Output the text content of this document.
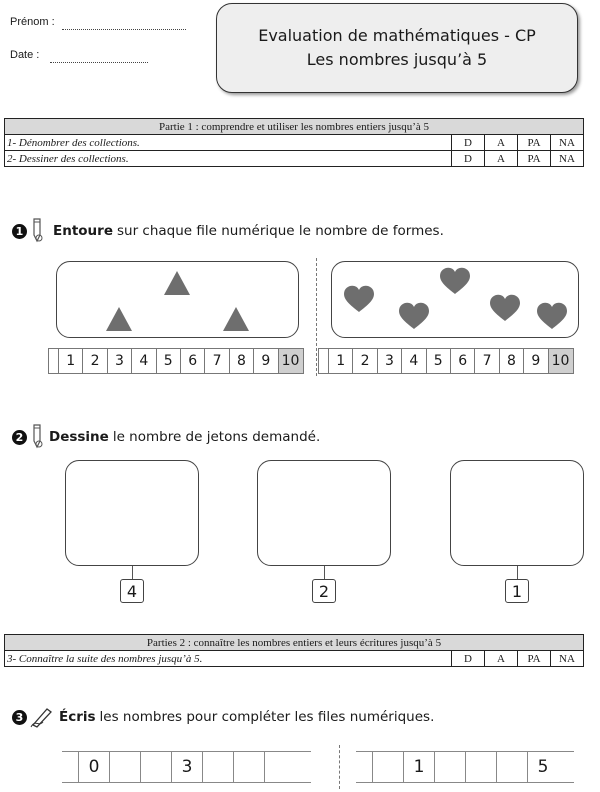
Prénom :
Date :
Evaluation de mathématiques - CP
Les nombres jusqu’à 5
Partie 1 : comprendre et utiliser les nombres entiers jusqu’à 5				
1- Dénombrer des collections.	D	A	PA	NA
2- Dessiner des collections.	D	A	PA	NA
1 Entoure sur chaque file numérique le nombre de formes.
1	2	3	4	5	6	7	8	9 10	1	2	3	4	5	6	7	8	9 10
2 Dessine le nombre de jetons demandé.
4	2	1
Parties 2 : connaître les nombres entiers et leurs écritures jusqu’à 5
3- Connaître la suite des nombres jusqu’à 5.	D	A	PA	NA
3	Écris les nombres pour compléter les files numériques.
0	3	1	5
